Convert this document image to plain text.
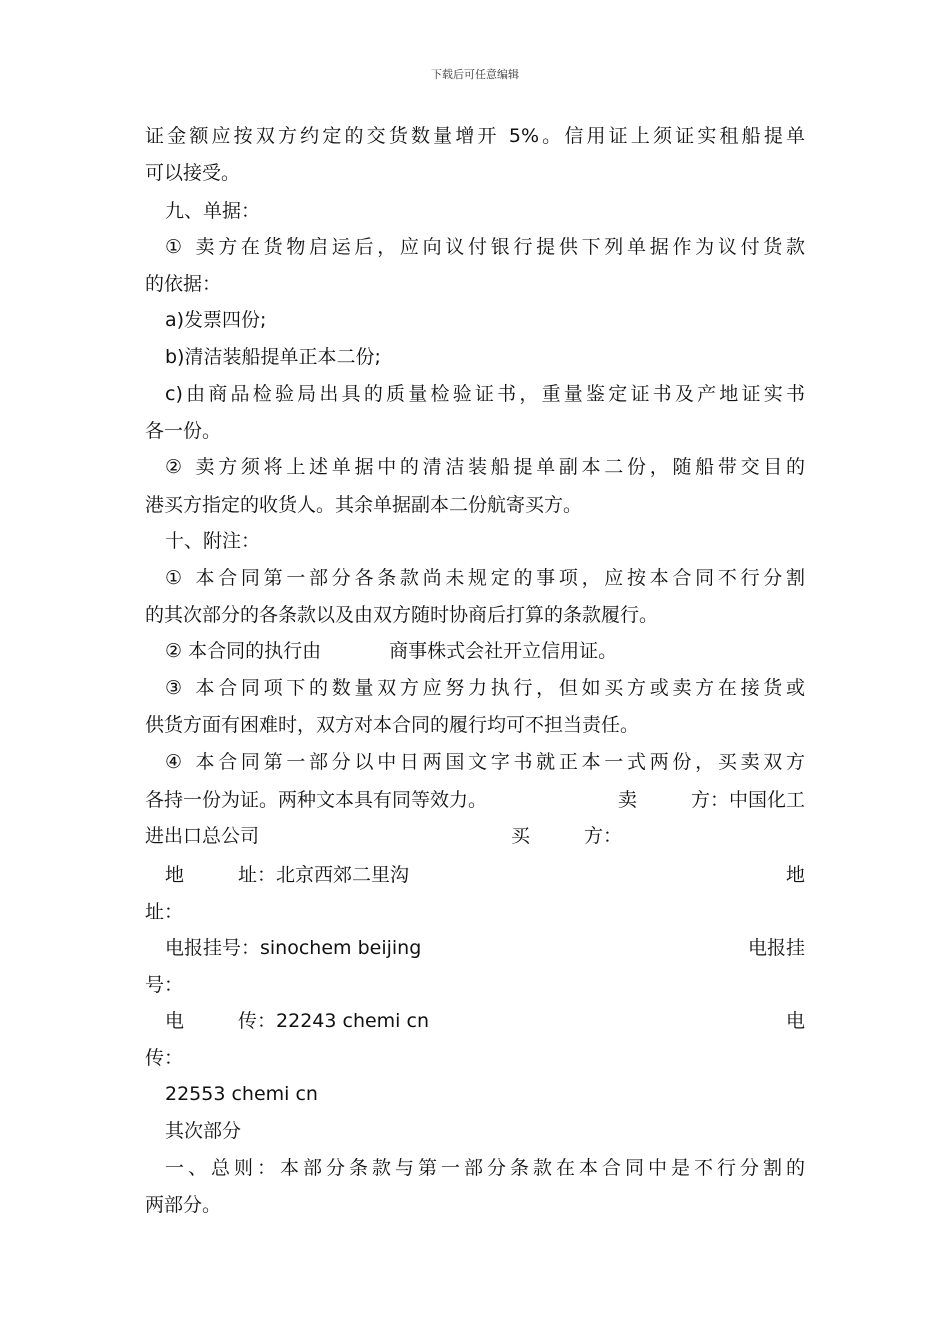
下载后可任意编辑
证金额应按双方约定的交货数量增开 5%。信用证上须证实租船提单
可以接受。
九、单据：
① 卖方在货物启运后，应向议付银行提供下列单据作为议付货款
的依据：
a)发票四份;
b)清洁装船提单正本二份;
c)由商品检验局出具的质量检验证书，重量鉴定证书及产地证实书
各一份。
② 卖方须将上述单据中的清洁装船提单副本二份，随船带交目的
港买方指定的收货人。其余单据副本二份航寄买方。
十、附注：
① 本合同第一部分各条款尚未规定的事项，应按本合同不行分割
的其次部分的各条款以及由双方随时协商后打算的条款履行。
② 本合同的执行由	商事株式会社开立信用证。
③ 本合同项下的数量双方应努力执行，但如买方或卖方在接货或
供货方面有困难时，双方对本合同的履行均可不担当责任。
④ 本合同第一部分以中日两国文字书就正本一式两份，买卖双方
各持一份为证。两种文本具有同等效力。	卖	方：中国化工
进出口总公司	买	方：
地	址：北京西郊二里沟	地
址：
电报挂号：sinochem beijing	电报挂
号：
电	传：22243 chemi cn	电
传：
22553 chemi cn
其次部分
一、总则：本部分条款与第一部分条款在本合同中是不行分割的
两部分。
